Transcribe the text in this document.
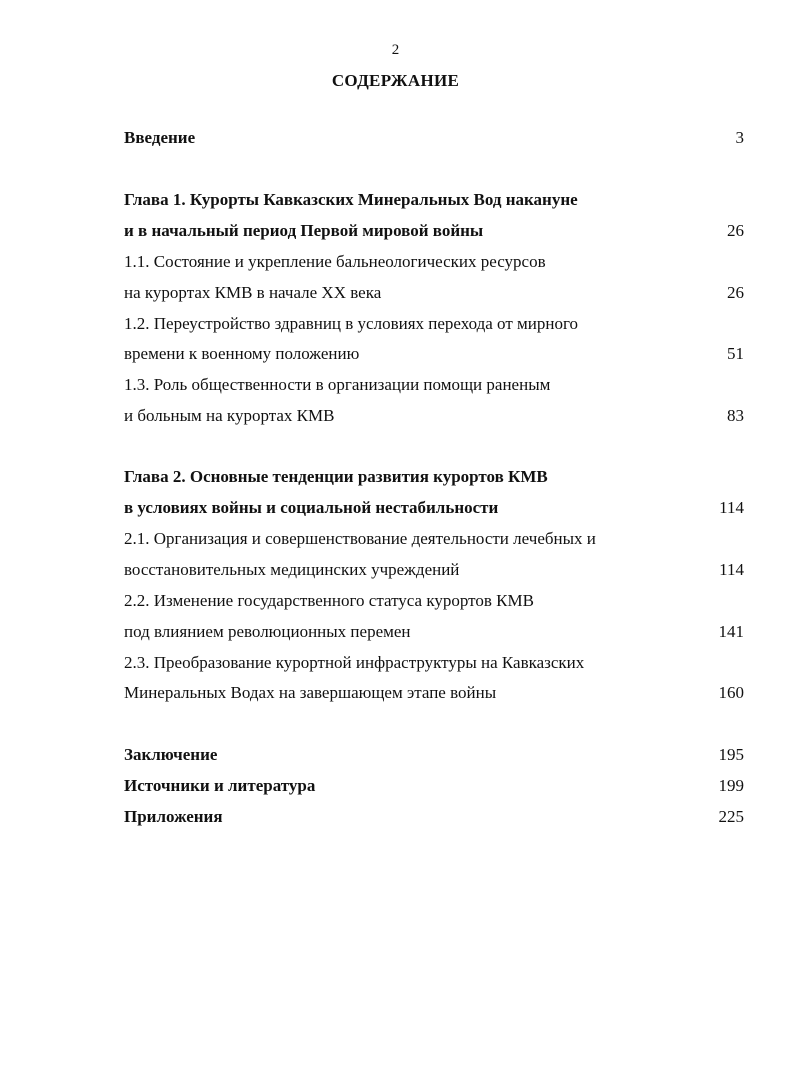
2
СОДЕРЖАНИЕ
Введение	3
Глава 1. Курорты Кавказских Минеральных Вод накануне
и в начальный период Первой мировой войны	26
1.1. Состояние и укрепление бальнеологических ресурсов
на курортах КМВ в начале XX века	26
1.2. Переустройство здравниц в условиях перехода от мирного
времени к военному положению	51
1.3. Роль общественности в организации помощи раненым
и больным на курортах КМВ	83
Глава 2. Основные тенденции развития курортов КМВ
в условиях войны и социальной нестабильности	114
2.1. Организация и совершенствование деятельности лечебных и
восстановительных медицинских учреждений	114
2.2. Изменение государственного статуса курортов КМВ
под влиянием революционных перемен	141
2.3. Преобразование курортной инфраструктуры на Кавказских
Минеральных Водах на завершающем этапе войны	160
Заключение	195
Источники и литература	199
Приложения	225
